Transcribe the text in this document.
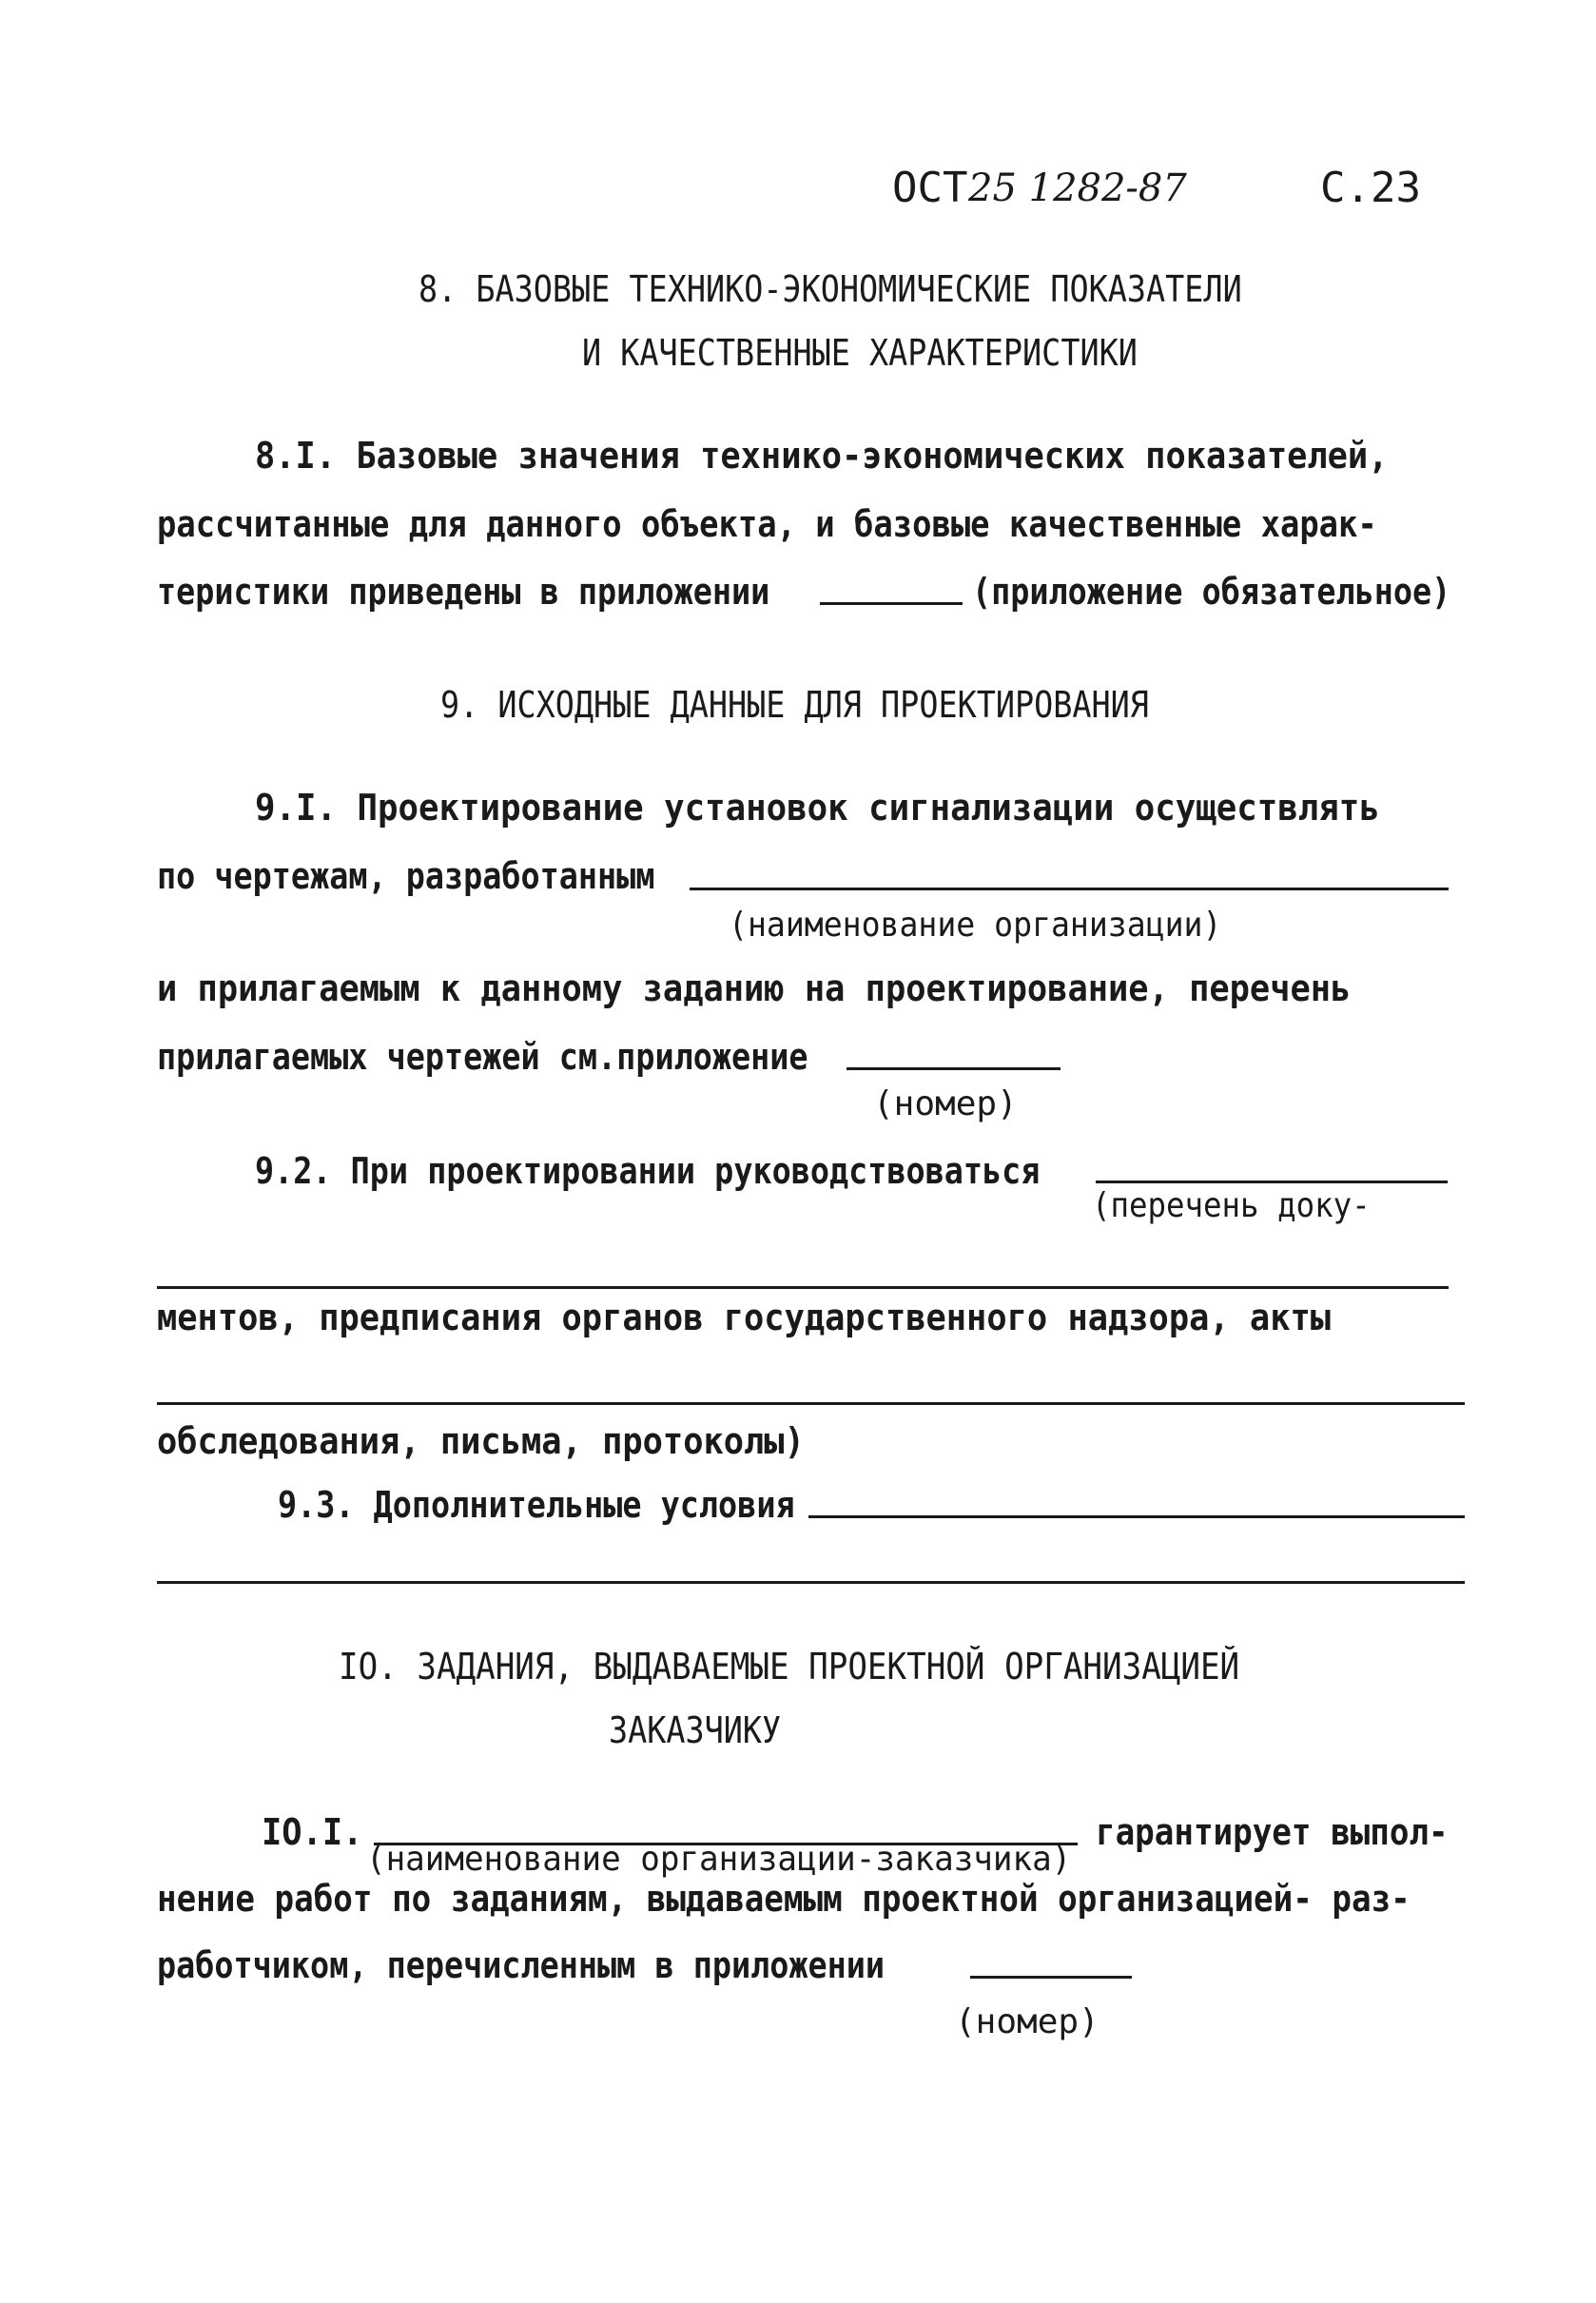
ОСТ 25 1282-87	С.23
8. БАЗОВЫЕ ТЕХНИКО-ЭКОНОМИЧЕСКИЕ ПОКАЗАТЕЛИ
И КАЧЕСТВЕННЫЕ ХАРАКТЕРИСТИКИ
8.I. Базовые значения технико-экономических показателей,
рассчитанные для данного объекта, и базовые качественные харак-
теристики приведены в приложении	(приложение обязательное)
9. ИСХОДНЫЕ ДАННЫЕ ДЛЯ ПРОЕКТИРОВАНИЯ
9.I. Проектирование установок сигнализации осуществлять
по чертежам, разработанным
(наименование организации)
и прилагаемым к данному заданию на проектирование, перечень
прилагаемых чертежей см.приложение
(номер)
9.2. При проектировании руководствоваться
(перечень доку-
ментов, предписания органов государственного надзора, акты
обследования, письма, протоколы)
9.3. Дополнительные условия
IO. ЗАДАНИЯ, ВЫДАВАЕМЫЕ ПРОЕКТНОЙ ОРГАНИЗАЦИЕЙ
ЗАКАЗЧИКУ
IO.I.
(наименование организации-заказчика)
гарантирует выпол-
нение работ по заданиям, выдаваемым проектной организацией- раз-
работчиком, перечисленным в приложении
(номер)
